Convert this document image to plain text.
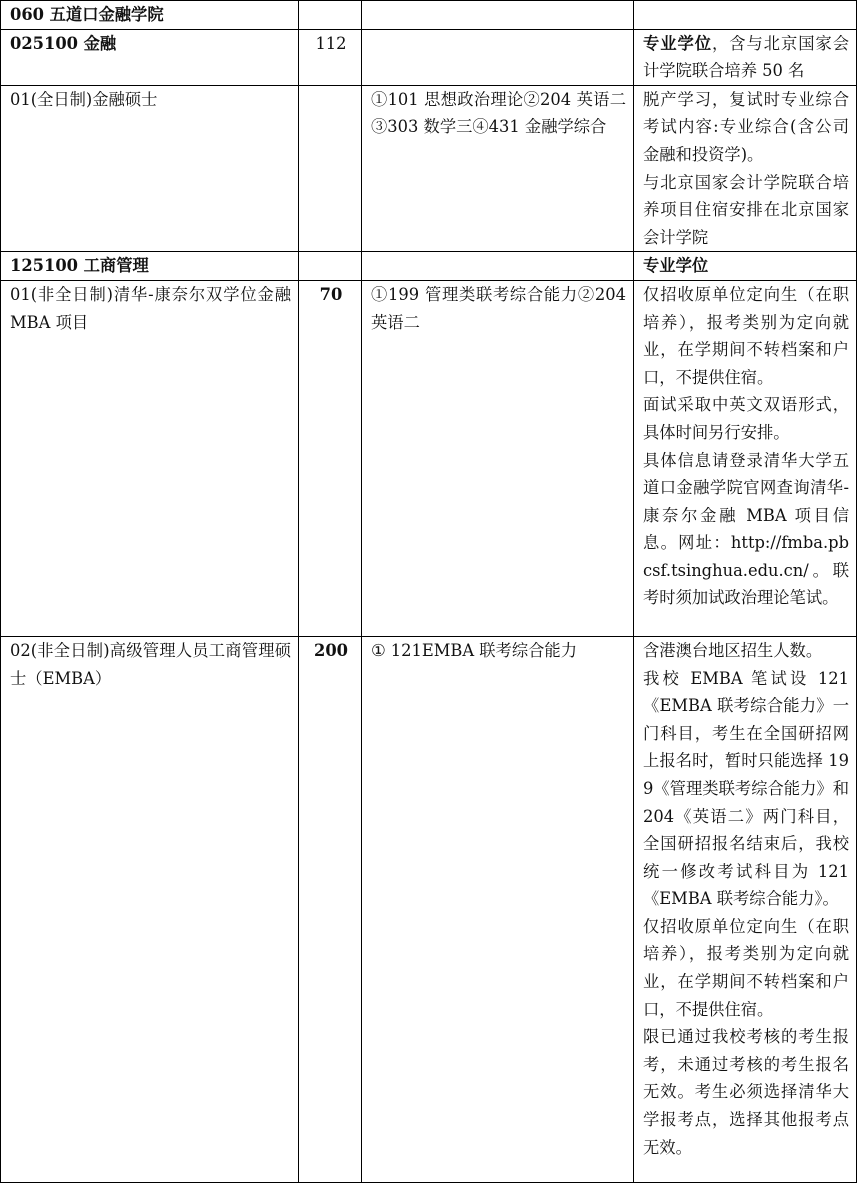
060 五道口金融学院			
025100 金融	112		专业学位，含与北京国家会计学院联合培养 50 名
01(全日制)金融硕士		①101 思想政治理论②204 英语二③303 数学三④431 金融学综合	脱产学习，复试时专业综合考试内容:专业综合(含公司金融和投资学)。
与北京国家会计学院联合培养项目住宿安排在北京国家会计学院

125100 工商管理			专业学位
01(非全日制)清华-康奈尔双学位金融 MBA 项目	70	①199 管理类联考综合能力②204 英语二	仅招收原单位定向生（在职培养），报考类别为定向就业，在学期间不转档案和户口，不提供住宿。
面试采取中英文双语形式，具体时间另行安排。
具体信息请登录清华大学五道口金融学院官网查询清华-康奈尔金融 MBA 项目信息。网址：http://fmba.pbcsf.tsinghua.edu.cn/。联考时须加试政治理论笔试。

02(非全日制)高级管理人员工商管理硕士（EMBA）	200	① 121EMBA 联考综合能力	含港澳台地区招生人数。
我校 EMBA 笔试设 121《EMBA 联考综合能力》一门科目，考生在全国研招网上报名时，暂时只能选择 199《管理类联考综合能力》和 204《英语二》两门科目，全国研招报名结束后，我校统一修改考试科目为 121《EMBA 联考综合能力》。
仅招收原单位定向生（在职培养），报考类别为定向就业，在学期间不转档案和户口，不提供住宿。
限已通过我校考核的考生报考，未通过考核的考生报名无效。考生必须选择清华大学报考点，选择其他报考点无效。
